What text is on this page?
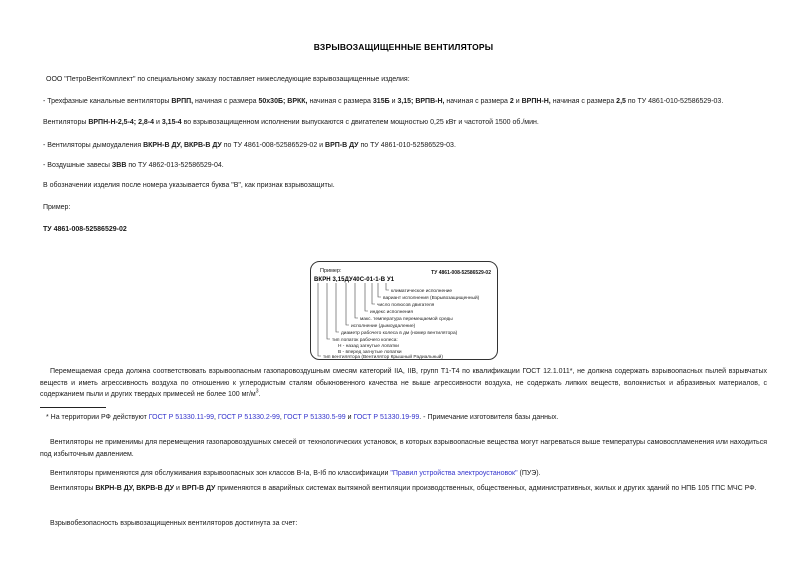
ВЗРЫВОЗАЩИЩЕННЫЕ ВЕНТИЛЯТОРЫ

ООО "ПетроВентКомплект" по специальному заказу поставляет нижеследующие взрывозащищенные изделия:

- Трехфазные канальные вентиляторы ВРПП, начиная с размера 50х30Б; ВРКК, начиная с размера 315Б и 3,15; ВРПВ-Н, начиная с размера 2 и ВРПН-Н, начиная с размера 2,5 по ТУ 4861-010-52586529-03.

Вентиляторы ВРПН-Н-2,5-4; 2,8-4 и 3,15-4 во взрывозащищенном исполнении выпускаются с двигателем мощностью 0,25 кВт и частотой 1500 об./мин.

- Вентиляторы дымоудаления ВКРН-В ДУ, ВКРВ-В ДУ по ТУ 4861-008-52586529-02 и ВРП-В ДУ по ТУ 4861-010-52586529-03.

- Воздушные завесы ЗВВ по ТУ 4862-013-52586529-04.

В обозначении изделия после номера указывается буква "В", как признак взрывозащиты.

Пример:

ТУ 4861-008-52586529-02

Пример:	ТУ 4861-008-52586529-02
ВКРН 3,15ДУ40С-01-1-В У1
климатическое исполнение
вариант исполнения (Взрывозащищенный)
число полюсов двигателя
индекс исполнения
макс. температура перемещаемой среды
исполнение (дымоудаление)
диаметр рабочего колеса в дм (номер вентилятора)
тип лопаток рабочего колеса:
Н - назад загнутые лопатки
В - вперед загнутые лопатки
тип вентилятора (Вентилятор Крышный Радиальный)

Перемещаемая среда должна соответствовать взрывоопасным газопаровоздушным смесям категорий IIA, IIB, групп Т1-Т4 по квалификации ГОСТ 12.1.011*, не должна содержать взрывоопасных пылей взрывчатых веществ и иметь агрессивность воздуха по отношению к углеродистым сталям обыкновенного качества не выше агрессивности воздуха, не содержать липких веществ, волокнистых и абразивных материалов, с содержанием пыли и других твердых примесей не более 100 $мг/м^3$.

* На территории РФ действуют ГОСТ Р 51330.11-99, ГОСТ Р 51330.2-99, ГОСТ Р 51330.5-99 и ГОСТ Р 51330.19-99. - Примечание изготовителя базы данных.

Вентиляторы не применимы для перемещения газопаровоздушных смесей от технологических установок, в которых взрывоопасные вещества могут нагреваться выше температуры самовоспламенения или находиться под избыточным давлением.

Вентиляторы применяются для обслуживания взрывоопасных зон классов В-Iа, В-Iб по классификации "Правил устройства электроустановок" (ПУЭ).

Вентиляторы ВКРН-В ДУ, ВКРВ-В ДУ и ВРП-В ДУ применяются в аварийных системах вытяжной вентиляции производственных, общественных, административных, жилых и других зданий по НПБ 105 ГПС МЧС РФ.

Взрывобезопасность взрывозащищенных вентиляторов достигнута за счет:
